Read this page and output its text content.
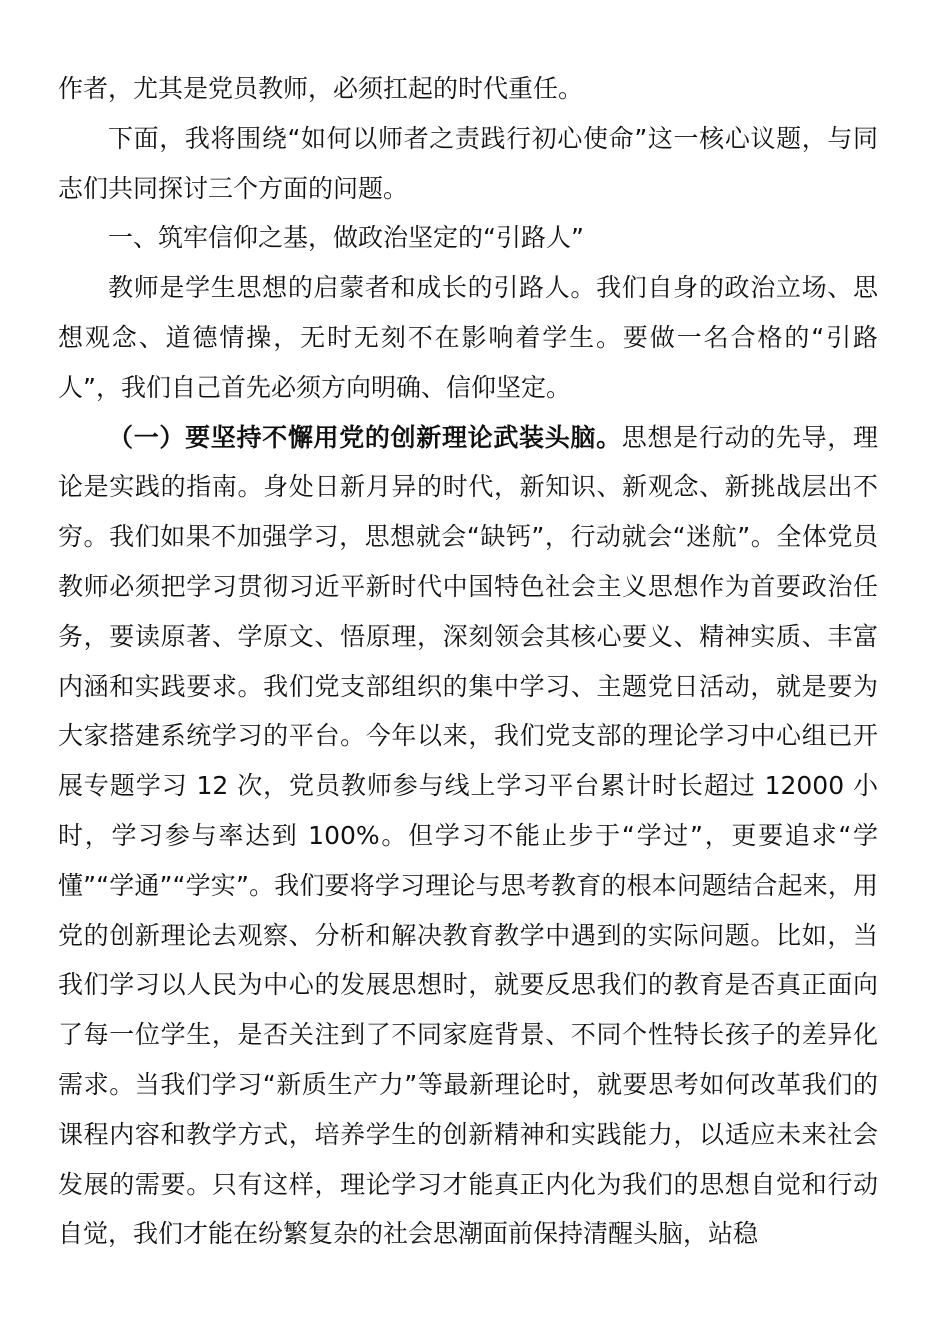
作者，尤其是党员教师，必须扛起的时代重任。

下面，我将围绕“如何以师者之责践行初心使命”这一核心议题，与同志们共同探讨三个方面的问题。

一、筑牢信仰之基，做政治坚定的“引路人”

教师是学生思想的启蒙者和成长的引路人。我们自身的政治立场、思想观念、道德情操，无时无刻不在影响着学生。要做一名合格的“引路人”，我们自己首先必须方向明确、信仰坚定。

（一）要坚持不懈用党的创新理论武装头脑。思想是行动的先导，理论是实践的指南。身处日新月异的时代，新知识、新观念、新挑战层出不穷。我们如果不加强学习，思想就会“缺钙”，行动就会“迷航”。全体党员教师必须把学习贯彻习近平新时代中国特色社会主义思想作为首要政治任务，要读原著、学原文、悟原理，深刻领会其核心要义、精神实质、丰富内涵和实践要求。我们党支部组织的集中学习、主题党日活动，就是要为大家搭建系统学习的平台。今年以来，我们党支部的理论学习中心组已开展专题学习 12 次，党员教师参与线上学习平台累计时长超过 12000 小时，学习参与率达到 100%。但学习不能止步于“学过”，更要追求“学懂”“学通”“学实”。我们要将学习理论与思考教育的根本问题结合起来，用党的创新理论去观察、分析和解决教育教学中遇到的实际问题。比如，当我们学习以人民为中心的发展思想时，就要反思我们的教育是否真正面向了每一位学生，是否关注到了不同家庭背景、不同个性特长孩子的差异化需求。当我们学习“新质生产力”等最新理论时，就要思考如何改革我们的课程内容和教学方式，培养学生的创新精神和实践能力，以适应未来社会发展的需要。只有这样，理论学习才能真正内化为我们的思想自觉和行动自觉，我们才能在纷繁复杂的社会思潮面前保持清醒头脑，站稳
